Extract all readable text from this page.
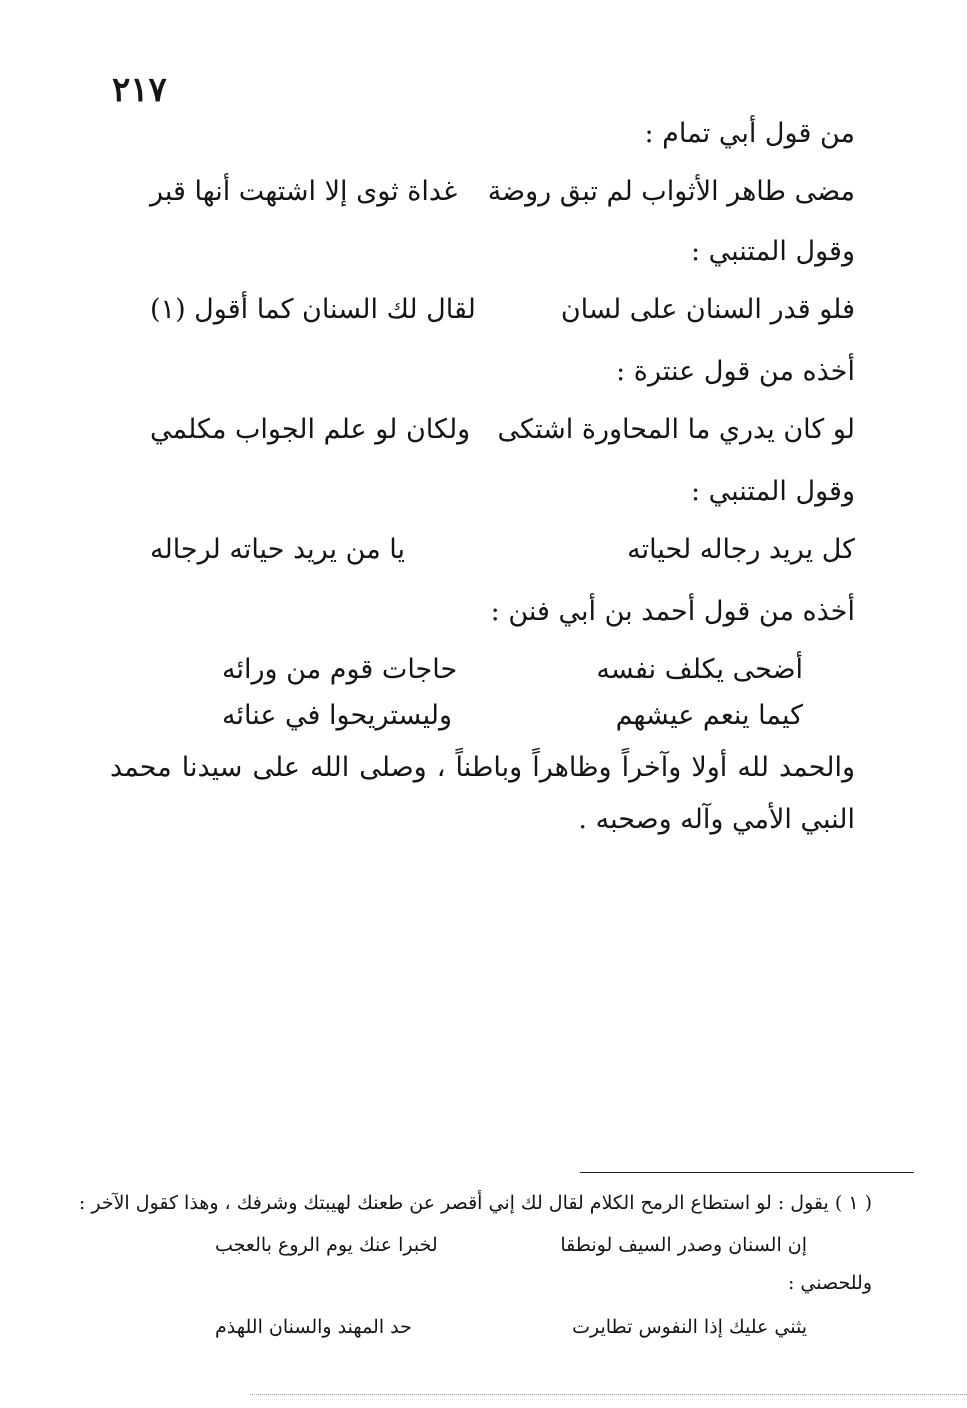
٢١٧
من قول أبي تمام :
مضى طاهر الأثواب لم تبق روضة
غداة ثوى إلا اشتهت أنها قبر
وقول المتنبي :
فلو قدر السنان على لسان
لقال لك السنان كما أقول (١)
أخذه من قول عنترة :
لو كان يدري ما المحاورة اشتكى
ولكان لو علم الجواب مكلمي
وقول المتنبي :
كل يريد رجاله لحياته
يا من يريد حياته لرجاله
أخذه من قول أحمد بن أبي فنن :
أضحى يكلف نفسه
حاجات قوم من ورائه
كيما ينعم عيشهم
وليستريحوا في عنائه
والحمد لله أولا وآخراً وظاهراً وباطناً ، وصلى الله على سيدنا محمد النبي الأمي وآله وصحبه .
( ١ ) يقول : لو استطاع الرمح الكلام لقال لك إني أقصر عن طعنك لهيبتك وشرفك ، وهذا كقول الآخر :
إن السنان وصدر السيف لونطقا
لخبرا عنك يوم الروع بالعجب
وللحصني :
يثني عليك إذا النفوس تطايرت
حد المهند والسنان اللهذم
